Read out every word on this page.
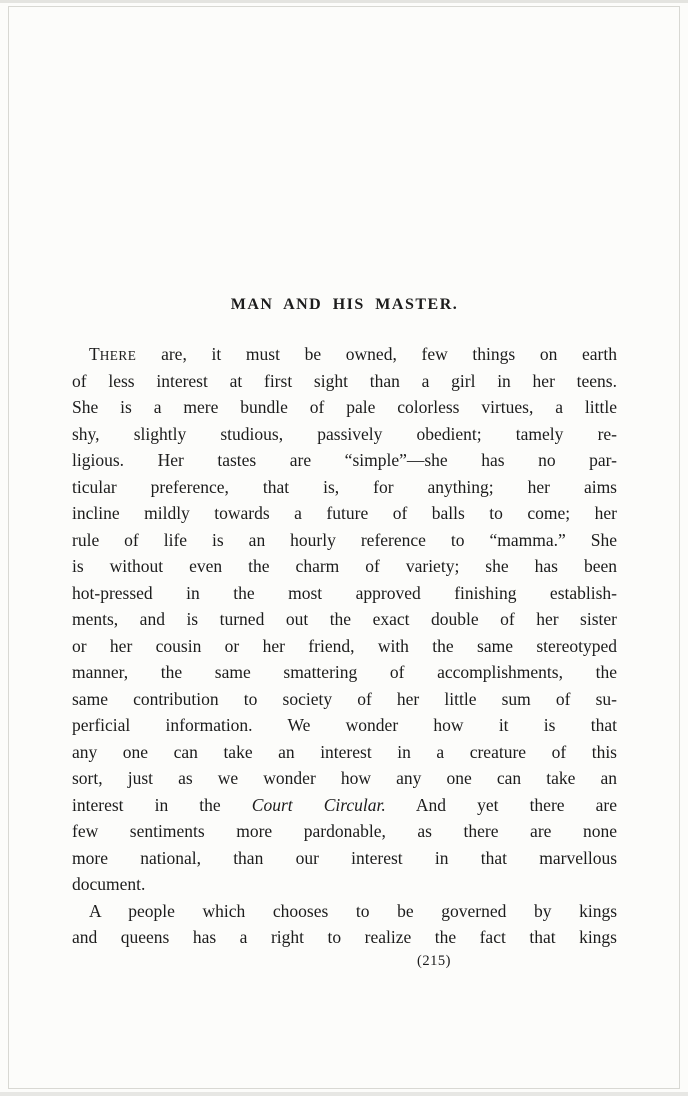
MAN AND HIS MASTER.
THERE are, it must be owned, few things on earth
of less interest at first sight than a girl in her teens.
She is a mere bundle of pale colorless virtues, a little
shy, slightly studious, passively obedient; tamely re-
ligious. Her tastes are “simple”—she has no par-
ticular preference, that is, for anything; her aims
incline mildly towards a future of balls to come; her
rule of life is an hourly reference to “mamma.” She
is without even the charm of variety; she has been
hot-pressed in the most approved finishing establish-
ments, and is turned out the exact double of her sister
or her cousin or her friend, with the same stereotyped
manner, the same smattering of accomplishments, the
same contribution to society of her little sum of su-
perficial information. We wonder how it is that
any one can take an interest in a creature of this
sort, just as we wonder how any one can take an
interest in the Court Circular. And yet there are
few sentiments more pardonable, as there are none
more national, than our interest in that marvellous
document.
A people which chooses to be governed by kings
and queens has a right to realize the fact that kings
(215)
